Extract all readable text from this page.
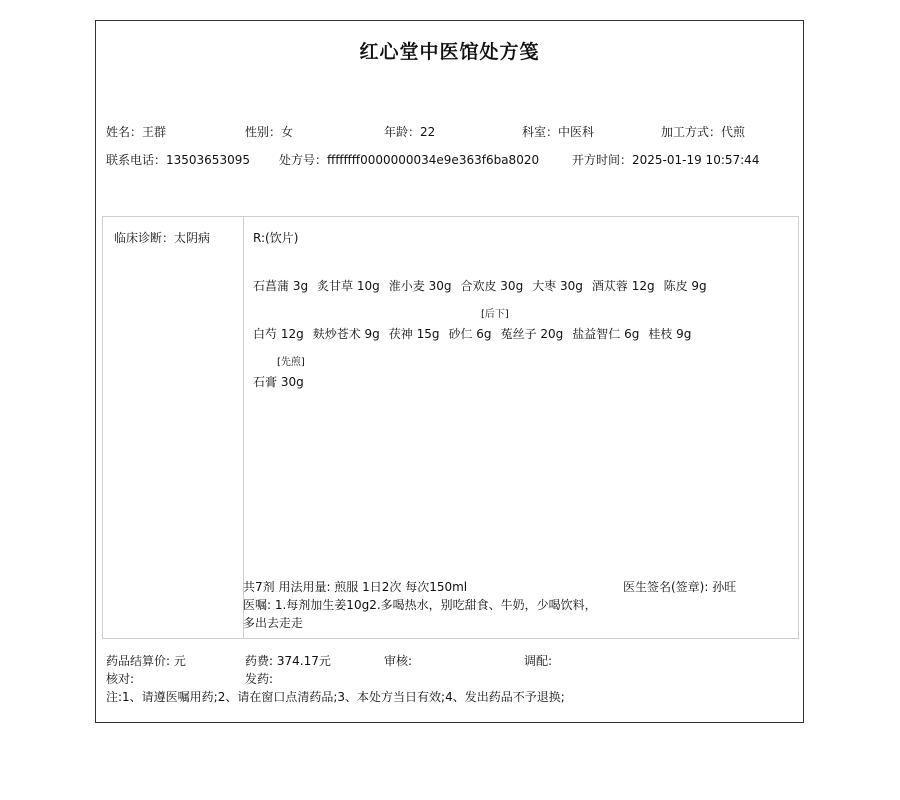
红心堂中医馆处方笺
姓名：王群	性别：女	年龄：22	科室：中医科	加工方式：代煎
联系电话：13503653095 处方号：ffffffff0000000034e9e363f6ba8020	开方时间：2025-01-19 10:57:44
临床诊断：太阴病	R:(饮片)
石菖蒲 3g 炙甘草 10g 淮小麦 30g 合欢皮 30g 大枣 30g 酒苁蓉 12g 陈皮 9g
[后下]
白芍 12g 麸炒苍术 9g 茯神 15g 砂仁 6g 菟丝子 20g 盐益智仁 6g 桂枝 9g
[先煎]
石膏 30g
共7剂 用法用量: 煎服 1日2次 每次150ml	医生签名(签章): 孙旺
医嘱: 1.每剂加生姜10g2.多喝热水，别吃甜食、牛奶，少喝饮料，
多出去走走
药品结算价: 元	药费: 374.17元	审核:	调配:
核对:	发药:
注:1、请遵医嘱用药;2、请在窗口点清药品;3、本处方当日有效;4、发出药品不予退换;
